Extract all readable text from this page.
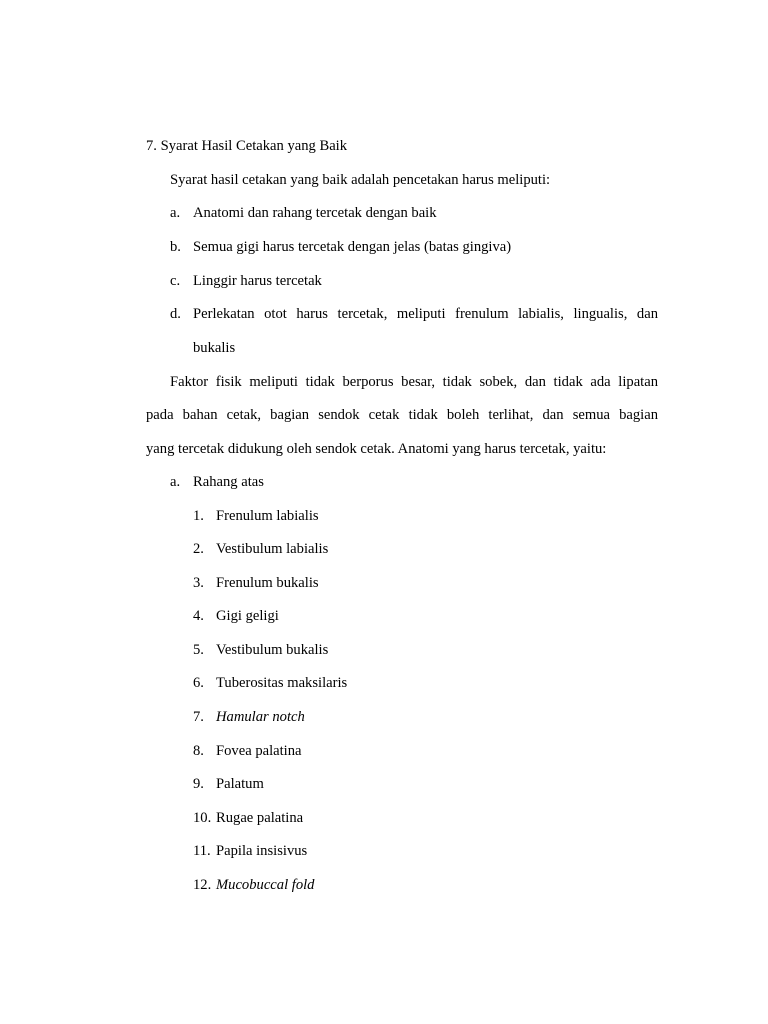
7. Syarat Hasil Cetakan yang Baik
Syarat hasil cetakan yang baik adalah pencetakan harus meliputi:
a. Anatomi dan rahang tercetak dengan baik
b. Semua gigi harus tercetak dengan jelas (batas gingiva)
c. Linggir harus tercetak
d. Perlekatan otot harus tercetak, meliputi frenulum labialis, lingualis, dan
bukalis
Faktor fisik meliputi tidak berporus besar, tidak sobek, dan tidak ada lipatan
pada bahan cetak, bagian sendok cetak tidak boleh terlihat, dan semua bagian
yang tercetak didukung oleh sendok cetak. Anatomi yang harus tercetak, yaitu:
a. Rahang atas
1. Frenulum labialis
2. Vestibulum labialis
3. Frenulum bukalis
4. Gigi geligi
5. Vestibulum bukalis
6. Tuberositas maksilaris
7. Hamular notch
8. Fovea palatina
9. Palatum
10. Rugae palatina
11. Papila insisivus
12. Mucobuccal fold
